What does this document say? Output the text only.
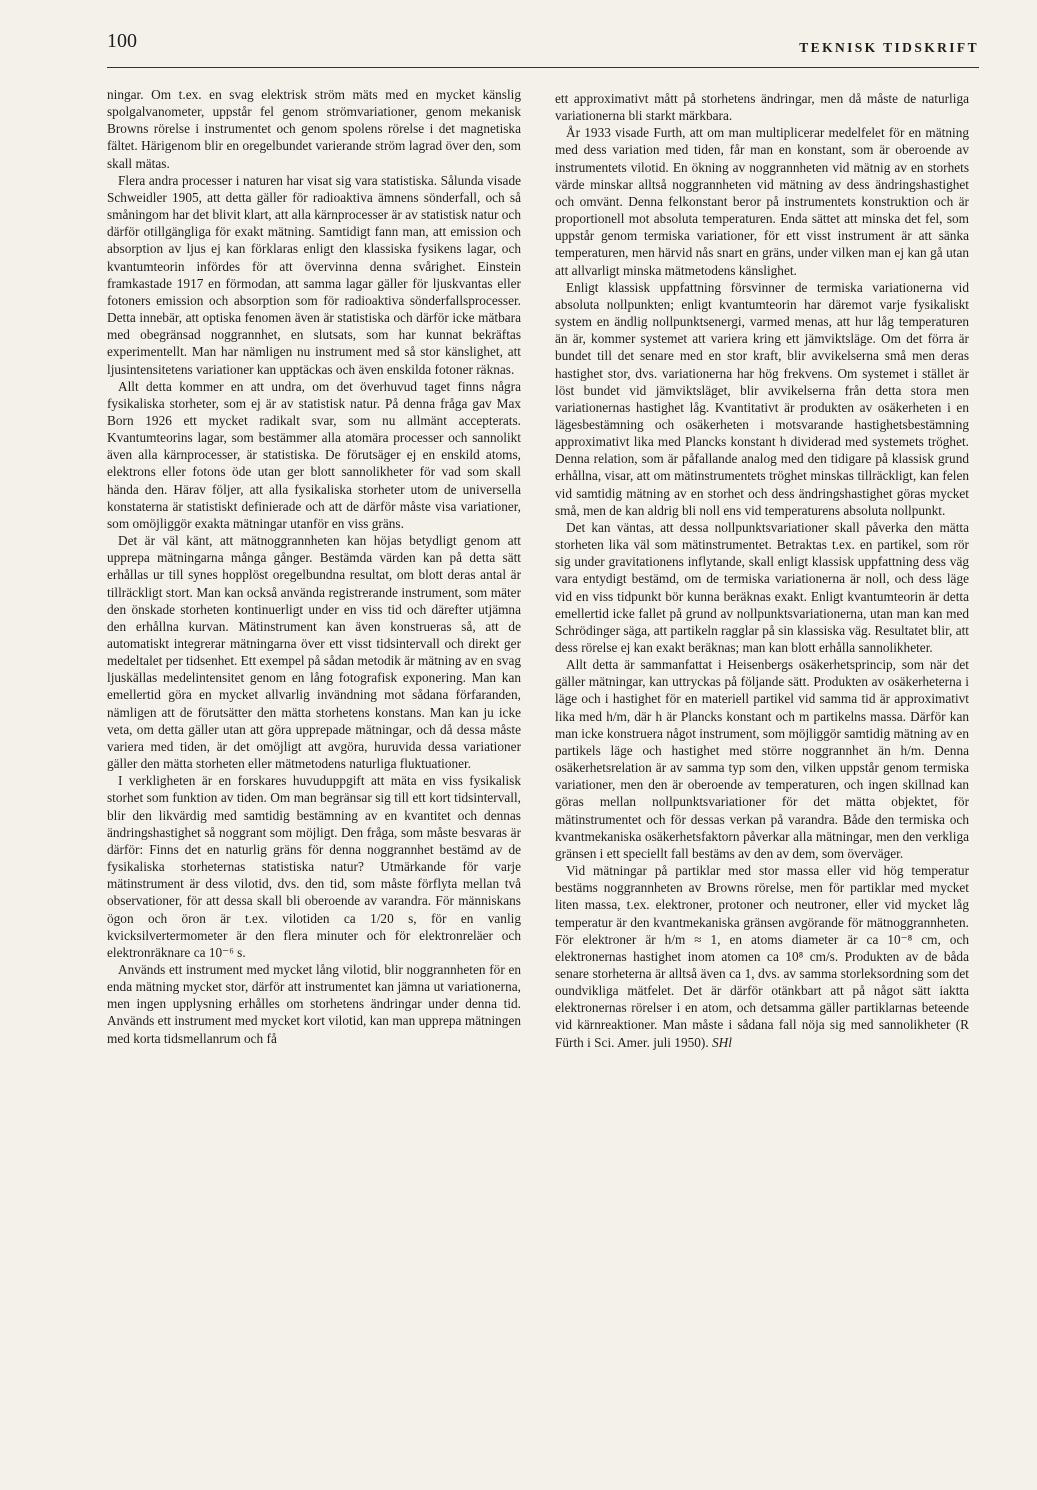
100	TEKNISK TIDSKRIFT

ningar. Om t.ex. en svag elektrisk ström mäts med en mycket känslig spolgalvanometer, uppstår fel genom strömvariationer, genom mekanisk Browns rörelse i instrumentet och genom spolens rörelse i det magnetiska fältet. Härigenom blir en oregelbundet varierande ström lagrad över den, som skall mätas.

Flera andra processer i naturen har visat sig vara statistiska. Sålunda visade Schweidler 1905, att detta gäller för radioaktiva ämnens sönderfall, och så småningom har det blivit klart, att alla kärnprocesser är av statistisk natur och därför otillgängliga för exakt mätning. Samtidigt fann man, att emission och absorption av ljus ej kan förklaras enligt den klassiska fysikens lagar, och kvantumteorin infördes för att övervinna denna svårighet. Einstein framkastade 1917 en förmodan, att samma lagar gäller för ljuskvantas eller fotoners emission och absorption som för radioaktiva sönderfallsprocesser. Detta innebär, att optiska fenomen även är statistiska och därför icke mätbara med obegränsad noggrannhet, en slutsats, som har kunnat bekräftas experimentellt. Man har nämligen nu instrument med så stor känslighet, att ljusintensitetens variationer kan upptäckas och även enskilda fotoner räknas.

Allt detta kommer en att undra, om det överhuvud taget finns några fysikaliska storheter, som ej är av statistisk natur. På denna fråga gav Max Born 1926 ett mycket radikalt svar, som nu allmänt accepterats. Kvantumteorins lagar, som bestämmer alla atomära processer och sannolikt även alla kärnprocesser, är statistiska. De förutsäger ej en enskild atoms, elektrons eller fotons öde utan ger blott sannolikheter för vad som skall hända den. Härav följer, att alla fysikaliska storheter utom de universella konstaterna är statistiskt definierade och att de därför måste visa variationer, som omöjliggör exakta mätningar utanför en viss gräns.

Det är väl känt, att mätnoggrannheten kan höjas betydligt genom att upprepa mätningarna många gånger. Bestämda värden kan på detta sätt erhållas ur till synes hopplöst oregelbundna resultat, om blott deras antal är tillräckligt stort. Man kan också använda registrerande instrument, som mäter den önskade storheten kontinuerligt under en viss tid och därefter utjämna den erhållna kurvan. Mätinstrument kan även konstrueras så, att de automatiskt integrerar mätningarna över ett visst tidsintervall och direkt ger medeltalet per tidsenhet. Ett exempel på sådan metodik är mätning av en svag ljuskällas medelintensitet genom en lång fotografisk exponering. Man kan emellertid göra en mycket allvarlig invändning mot sådana förfaranden, nämligen att de förutsätter den mätta storhetens konstans. Man kan ju icke veta, om detta gäller utan att göra upprepade mätningar, och då dessa måste variera med tiden, är det omöjligt att avgöra, huruvida dessa variationer gäller den mätta storheten eller mätmetodens naturliga fluktuationer.

I verkligheten är en forskares huvuduppgift att mäta en viss fysikalisk storhet som funktion av tiden. Om man begränsar sig till ett kort tidsintervall, blir den likvärdig med samtidig bestämning av en kvantitet och dennas ändringshastighet så noggrant som möjligt. Den fråga, som måste besvaras är därför: Finns det en naturlig gräns för denna noggrannhet bestämd av de fysikaliska storheternas statistiska natur? Utmärkande för varje mätinstrument är dess vilotid, dvs. den tid, som måste förflyta mellan två observationer, för att dessa skall bli oberoende av varandra. För människans ögon och öron är t.ex. vilotiden ca 1/20 s, för en vanlig kvicksilvertermometer är den flera minuter och för elektronreläer och elektronräknare ca 10⁻⁶ s.

Används ett instrument med mycket lång vilotid, blir noggrannheten för en enda mätning mycket stor, därför att instrumentet kan jämna ut variationerna, men ingen upplysning erhålles om storhetens ändringar under denna tid. Används ett instrument med mycket kort vilotid, kan man upprepa mätningen med korta tidsmellanrum och få

ett approximativt mått på storhetens ändringar, men då måste de naturliga variationerna bli starkt märkbara.

År 1933 visade Furth, att om man multiplicerar medelfelet för en mätning med dess variation med tiden, får man en konstant, som är oberoende av instrumentets vilotid. En ökning av noggrannheten vid mätnig av en storhets värde minskar alltså noggrannheten vid mätning av dess ändringshastighet och omvänt. Denna felkonstant beror på instrumentets konstruktion och är proportionell mot absoluta temperaturen. Enda sättet att minska det fel, som uppstår genom termiska variationer, för ett visst instrument är att sänka temperaturen, men härvid nås snart en gräns, under vilken man ej kan gå utan att allvarligt minska mätmetodens känslighet.

Enligt klassisk uppfattning försvinner de termiska variationerna vid absoluta nollpunkten; enligt kvantumteorin har däremot varje fysikaliskt system en ändlig nollpunktsenergi, varmed menas, att hur låg temperaturen än är, kommer systemet att variera kring ett jämviktsläge. Om det förra är bundet till det senare med en stor kraft, blir avvikelserna små men deras hastighet stor, dvs. variationerna har hög frekvens. Om systemet i stället är löst bundet vid jämviktsläget, blir avvikelserna från detta stora men variationernas hastighet låg. Kvantitativt är produkten av osäkerheten i en lägesbestämning och osäkerheten i motsvarande hastighetsbestämning approximativt lika med Plancks konstant h dividerad med systemets tröghet. Denna relation, som är påfallande analog med den tidigare på klassisk grund erhållna, visar, att om mätinstrumentets tröghet minskas tillräckligt, kan felen vid samtidig mätning av en storhet och dess ändringshastighet göras mycket små, men de kan aldrig bli noll ens vid temperaturens absoluta nollpunkt.

Det kan väntas, att dessa nollpunktsvariationer skall påverka den mätta storheten lika väl som mätinstrumentet. Betraktas t.ex. en partikel, som rör sig under gravitationens inflytande, skall enligt klassisk uppfattning dess väg vara entydigt bestämd, om de termiska variationerna är noll, och dess läge vid en viss tidpunkt bör kunna beräknas exakt. Enligt kvantumteorin är detta emellertid icke fallet på grund av nollpunktsvariationerna, utan man kan med Schrödinger säga, att partikeln ragglar på sin klassiska väg. Resultatet blir, att dess rörelse ej kan exakt beräknas; man kan blott erhålla sannolikheter.

Allt detta är sammanfattat i Heisenbergs osäkerhetsprincip, som när det gäller mätningar, kan uttryckas på följande sätt. Produkten av osäkerheterna i läge och i hastighet för en materiell partikel vid samma tid är approximativt lika med h/m, där h är Plancks konstant och m partikelns massa. Därför kan man icke konstruera något instrument, som möjliggör samtidig mätning av en partikels läge och hastighet med större noggrannhet än h/m. Denna osäkerhetsrelation är av samma typ som den, vilken uppstår genom termiska variationer, men den är oberoende av temperaturen, och ingen skillnad kan göras mellan nollpunktsvariationer för det mätta objektet, för mätinstrumentet och för dessas verkan på varandra. Både den termiska och kvantmekaniska osäkerhetsfaktorn påverkar alla mätningar, men den verkliga gränsen i ett speciellt fall bestäms av den av dem, som överväger.

Vid mätningar på partiklar med stor massa eller vid hög temperatur bestäms noggrannheten av Browns rörelse, men för partiklar med mycket liten massa, t.ex. elektroner, protoner och neutroner, eller vid mycket låg temperatur är den kvantmekaniska gränsen avgörande för mätnoggrannheten. För elektroner är h/m ≈ 1, en atoms diameter är ca 10⁻⁸ cm, och elektronernas hastighet inom atomen ca 10⁸ cm/s. Produkten av de båda senare storheterna är alltså även ca 1, dvs. av samma storleksordning som det oundvikliga mätfelet. Det är därför otänkbart att på något sätt iaktta elektronernas rörelser i en atom, och detsamma gäller partiklarnas beteende vid kärnreaktioner. Man måste i sådana fall nöja sig med sannolikheter (R Fürth i Sci. Amer. juli 1950). SHl
